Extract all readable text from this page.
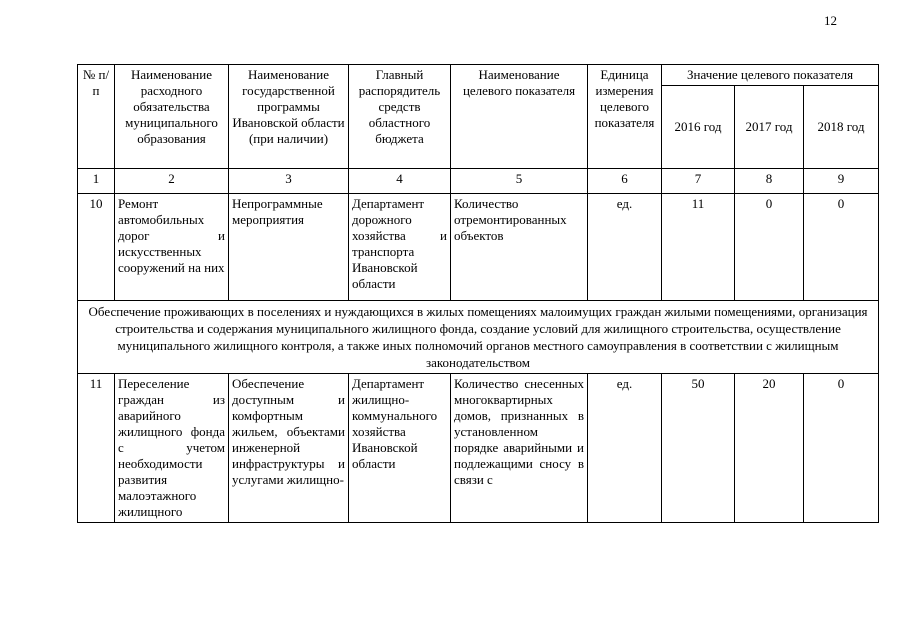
12
№ п/п	Наименование расходного обязательства муниципального образования	Наименование государственной программы Ивановской области (при наличии)	Главный распорядитель средств областного бюджета	Наименование целевого показателя	Единица измерения целевого показателя	Значение целевого показателя		
						2016 год	2017 год	2018 год
1	2	3	4	5	6	7	8	9
10	Ремонт автомобильных дорог и искусственных сооружений на них	Непрограммные мероприятия	Департамент дорожного хозяйства и транспорта Ивановской области	Количество отремонтированных объектов	ед.	11	0	0
Обеспечение проживающих в поселениях и нуждающихся в жилых помещениях малоимущих граждан жилыми помещениями, организация строительства и содержания муниципального жилищного фонда, создание условий для жилищного строительства, осуществление муниципального жилищного контроля, а также иных полномочий органов местного самоуправления в соответствии с жилищным законодательством								
11	Переселение граждан из аварийного жилищного фонда с учетом необходимости развития малоэтажного жилищного	Обеспечение доступным и комфортным жильем, объектами инженерной инфраструктуры и услугами жилищно-	Департамент жилищно-коммунального хозяйства Ивановской области	Количество снесенных многоквартирных домов, признанных в установленном порядке аварийными и подлежащими сносу в связи с	ед.	50	20	0
